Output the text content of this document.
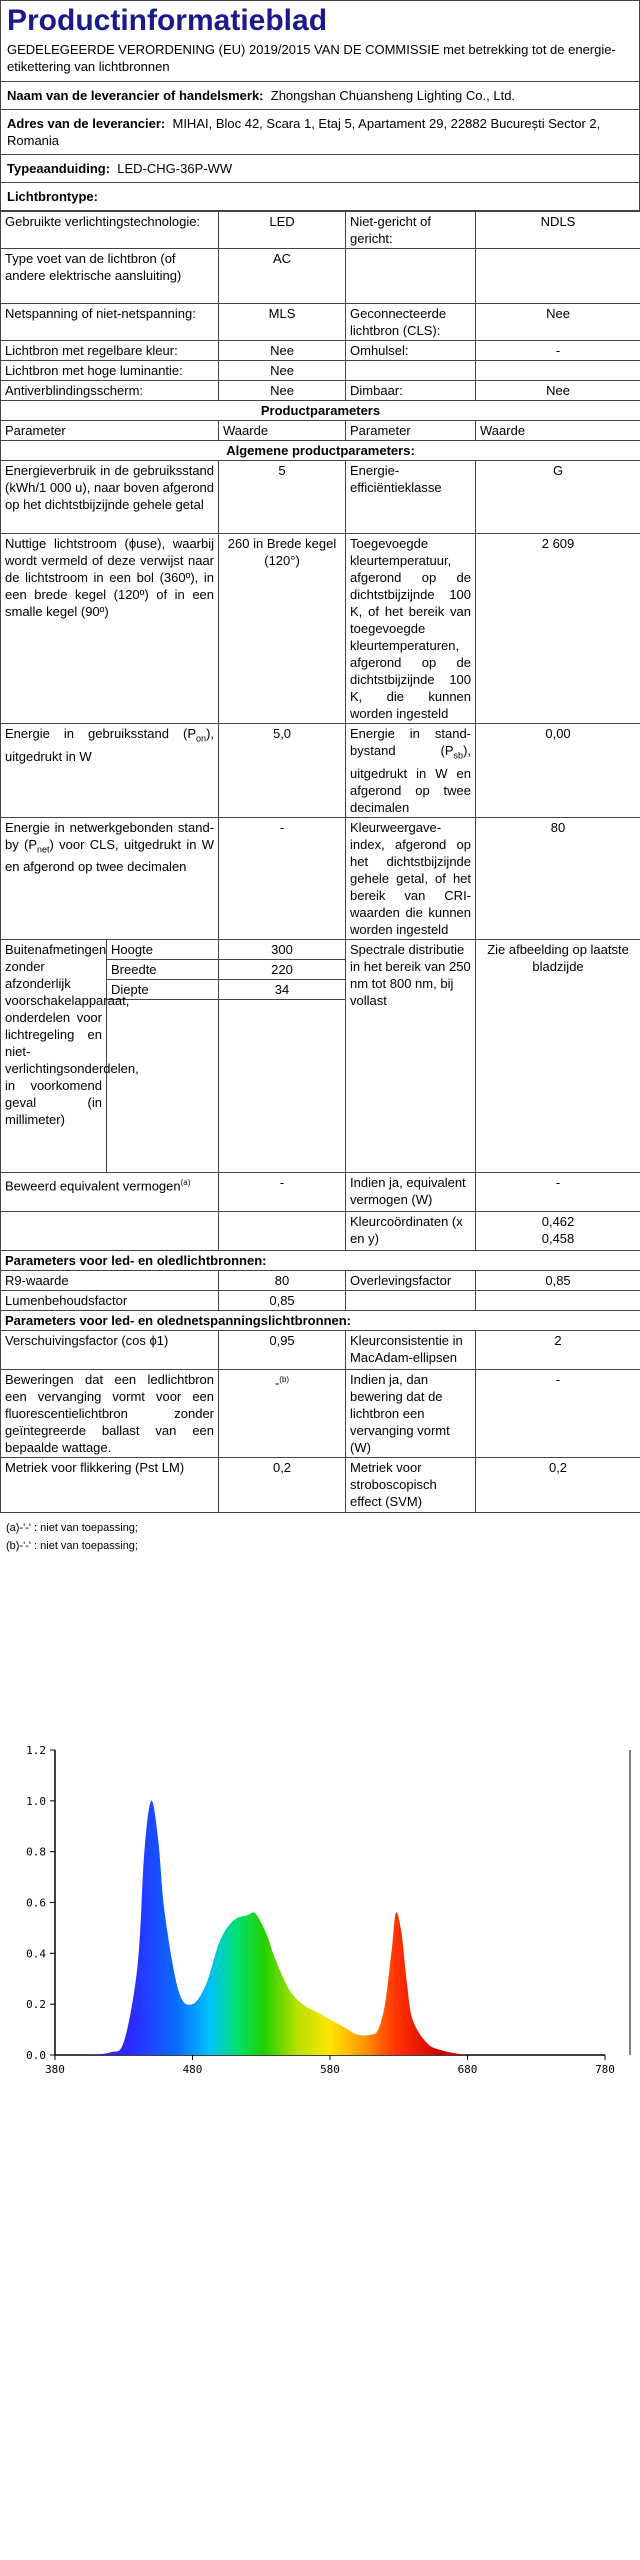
Productinformatieblad
GEDELEGEERDE VERORDENING (EU) 2019/2015 VAN DE COMMISSIE met betrekking tot de energie-etikettering van lichtbronnen
Naam van de leverancier of handelsmerk: Zhongshan Chuansheng Lighting Co., Ltd.
Adres van de leverancier: MIHAI, Bloc 42, Scara 1, Etaj 5, Apartament 29, 22882 București Sector 2, Romania
Typeaanduiding: LED-CHG-36P-WW
Lichtbrontype:
Gebruikte verlichtingstechnologie:		LED	Niet-gericht of gericht:	NDLS
Type voet van de lichtbron (of andere elektrische aansluiting)		AC		
Netspanning of niet-netspanning:		MLS	Geconnecteerde lichtbron (CLS):	Nee
Lichtbron met regelbare kleur:		Nee	Omhulsel:	-
Lichtbron met hoge luminantie:		Nee		
Antiverblindingsscherm:		Nee	Dimbaar:	Nee
Productparameters				
Parameter		Waarde	Parameter	Waarde
Algemene productparameters:				
Energieverbruik in de gebruiksstand (kWh/1 000 u), naar boven afgerond op het dichtstbijzijnde gehele getal		5	Energie-efficiëntieklasse	G
Nuttige lichtstroom (ϕuse), waarbij wordt vermeld of deze verwijst naar de lichtstroom in een bol (360º), in een brede kegel (120º) of in een smalle kegel (90º)		260 in Brede kegel (120°)	Toegevoegde kleurtemperatuur, afgerond op de dichtstbijzijnde 100 K, of het bereik van toegevoegde kleurtemperaturen, afgerond op de dichtstbijzijnde 100 K, die kunnen worden ingesteld	2 609
Energie in gebruiksstand $(P_{on})$, uitgedrukt in W		5,0	Energie in stand-bystand $(P_{sb})$, uitgedrukt in W en afgerond op twee decimalen	0,00
Energie in netwerkgebonden stand-by $(P_{net})$ voor CLS, uitgedrukt in W en afgerond op twee decimalen		-	Kleurweergave-index, afgerond op het dichtstbijzijnde gehele getal, of het bereik van CRI-waarden die kunnen worden ingesteld	80
Buitenafmetingen zonder afzonderlijk voorschakelapparaat, onderdelen voor lichtregeling en niet-verlichtingsonderdelen, in voorkomend geval (in millimeter)	Hoogte	300	Spectrale distributie in het bereik van 250 nm tot 800 nm, bij vollast	Zie afbeelding op laatste bladzijde
	Breedte	220		
	Diepte	34		

Beweerd equivalent vermogen$^{(a)}$		-	Indien ja, equivalent vermogen (W)	-
			Kleurcoördinaten (x en y)	0,462
0,458
Parameters voor led- en oledlichtbronnen:				
R9-waarde		80	Overlevingsfactor	0,85
Lumenbehoudsfactor		0,85		
Parameters voor led- en olednetspanningslichtbronnen:				
Verschuivingsfactor (cos ϕ1)		0,95	Kleurconsistentie in MacAdam-ellipsen	2
Beweringen dat een ledlichtbron een vervanging vormt voor een fluorescentielichtbron zonder geïntegreerde ballast van een bepaalde wattage.		-$^{(b)}$	Indien ja, dan bewering dat de lichtbron een vervanging vormt (W)	-
Metriek voor flikkering (Pst LM)		0,2	Metriek voor stroboscopisch effect (SVM)	0,2
(a)-'-' : niet van toepassing;
(b)-'-' : niet van toepassing;
0.0
0.2
0.4
0.6
0.8
1.0
1.2
380	480	580	680	780
